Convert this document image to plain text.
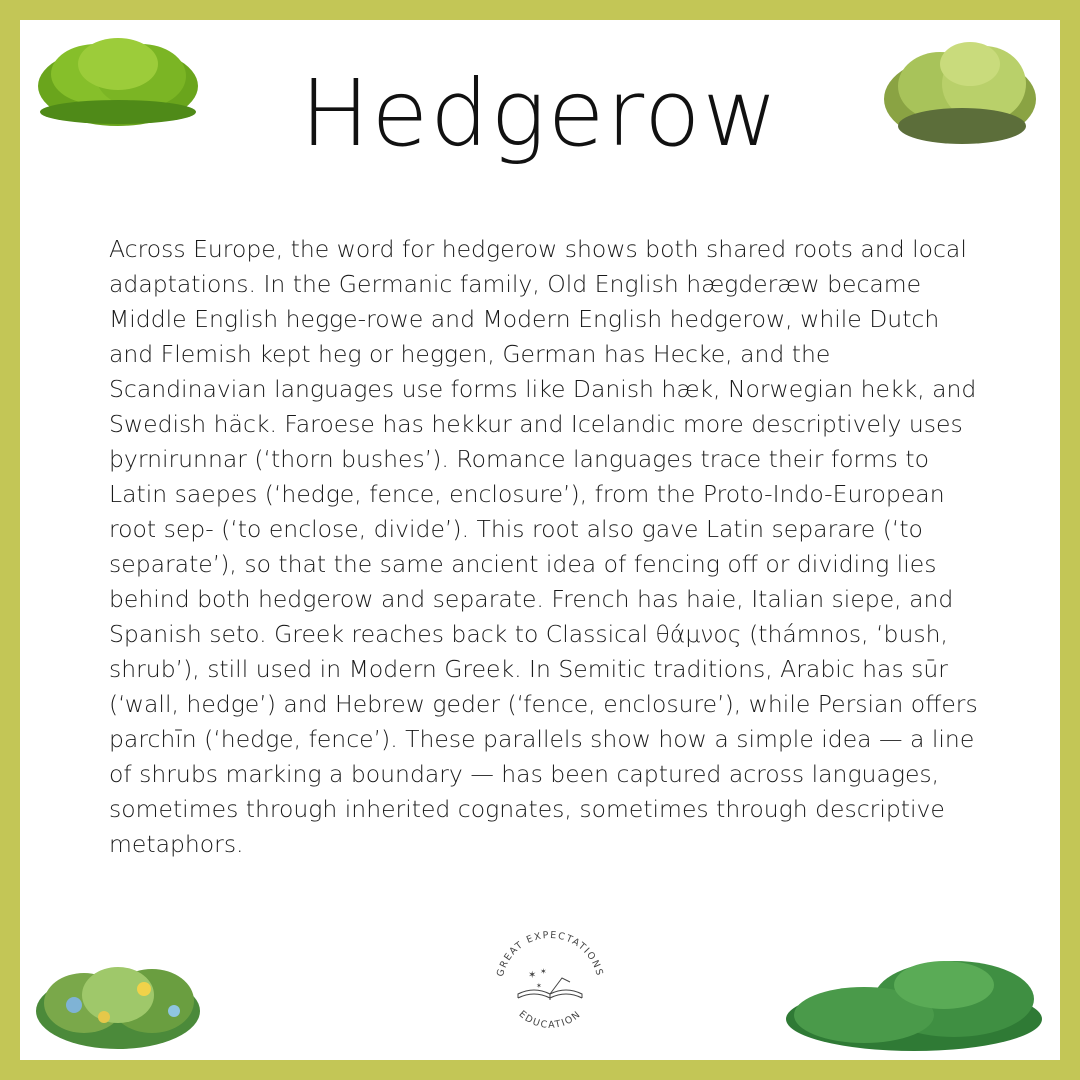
Hedgerow

Across Europe, the word for hedgerow shows both shared roots and local adaptations. In the Germanic family, Old English hægderæw became Middle English hegge-rowe and Modern English hedgerow, while Dutch and Flemish kept heg or heggen, German has Hecke, and the Scandinavian languages use forms like Danish hæk, Norwegian hekk, and Swedish häck. Faroese has hekkur and Icelandic more descriptively uses þyrnirunnar (‘thorn bushes’). Romance languages trace their forms to Latin saepes (‘hedge, fence, enclosure’), from the Proto-Indo-European root sep- (‘to enclose, divide’). This root also gave Latin separare (‘to separate’), so that the same ancient idea of fencing off or dividing lies behind both hedgerow and separate. French has haie, Italian siepe, and Spanish seto. Greek reaches back to Classical θάμνος (thámnos, ‘bush, shrub’), still used in Modern Greek. In Semitic traditions, Arabic has sūr (‘wall, hedge’) and Hebrew geder (‘fence, enclosure’), while Persian offers parchīn (‘hedge, fence’). These parallels show how a simple idea — a line of shrubs marking a boundary — has been captured across languages, sometimes through inherited cognates, sometimes through descriptive metaphors.

GREAT EXPECTATIONS
EDUCATION
✶ ✶
✶
